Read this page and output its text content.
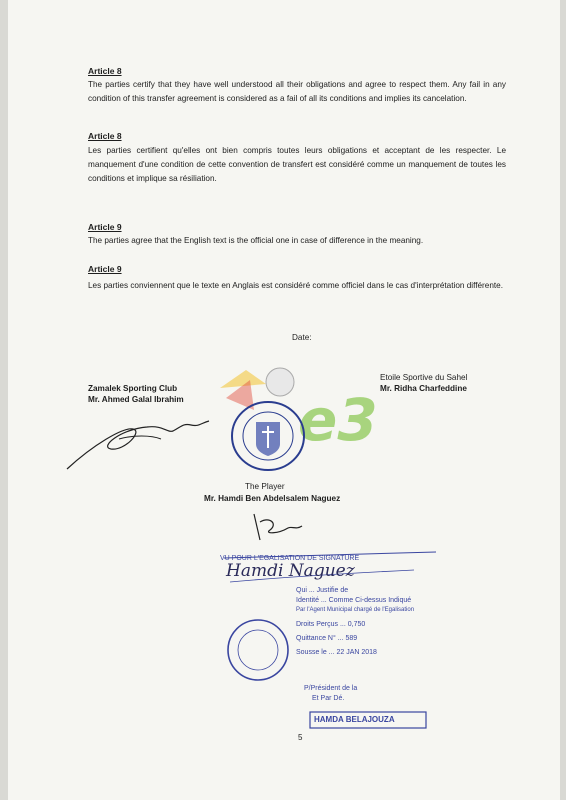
Article 8
The parties certify that they have well understood all their obligations and agree to respect them. Any fail in any condition of this transfer agreement is considered as a fail of all its conditions and implies its cancelation.
Article 8
Les parties certifient qu'elles ont bien compris toutes leurs obligations et acceptant de les respecter. Le manquement d'une condition de cette convention de transfert est considéré comme un manquement de toutes les conditions et implique sa résiliation.
Article 9
The parties agree that the English text is the official one in case of difference in the meaning.
Article 9
Les parties conviennent que le texte en Anglais est considéré comme officiel dans le cas d'interprétation différente.
Date:
e3
Zamalek Sporting Club
Mr. Ahmed Galal Ibrahim
Etoile Sportive du Sahel
Mr. Ridha Charfeddine
The Player
Mr. Hamdi Ben Abdelsalem Naguez
VU POUR L'EGALISATION DE SIGNATURE
Hamdi Naguez
Qui ... Justifie de
Identité ... Comme Ci-dessus Indiqué
Par l'Agent Municipal chargé de l'Egalisation
Droits Perçus ... 0,750
Quittance N° ... 589
Sousse le ... 22 JAN 2018
P/Président de la
Et Par Dé.
HAMDA BELAJOUZA
5
